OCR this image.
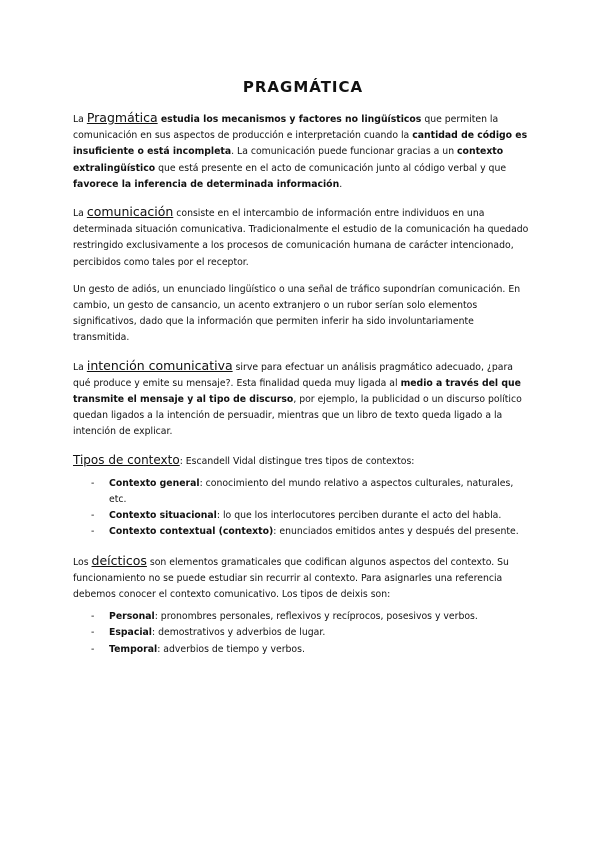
PRAGMÁTICA

La Pragmática estudia los mecanismos y factores no lingüísticos que permiten la comunicación en sus aspectos de producción e interpretación cuando la cantidad de código es insuficiente o está incompleta. La comunicación puede funcionar gracias a un contexto extralingüístico que está presente en el acto de comunicación junto al código verbal y que favorece la inferencia de determinada información.

La comunicación consiste en el intercambio de información entre individuos en una determinada situación comunicativa. Tradicionalmente el estudio de la comunicación ha quedado restringido exclusivamente a los procesos de comunicación humana de carácter intencionado, percibidos como tales por el receptor.

Un gesto de adiós, un enunciado lingüístico o una señal de tráfico supondrían comunicación. En cambio, un gesto de cansancio, un acento extranjero o un rubor serían solo elementos significativos, dado que la información que permiten inferir ha sido involuntariamente transmitida.

La intención comunicativa sirve para efectuar un análisis pragmático adecuado, ¿para qué produce y emite su mensaje?. Esta finalidad queda muy ligada al medio a través del que transmite el mensaje y al tipo de discurso, por ejemplo, la publicidad o un discurso político quedan ligados a la intención de persuadir, mientras que un libro de texto queda ligado a la intención de explicar.

Tipos de contexto: Escandell Vidal distingue tres tipos de contextos:

- Contexto general: conocimiento del mundo relativo a aspectos culturales, naturales, etc.
- Contexto situacional: lo que los interlocutores perciben durante el acto del habla.
- Contexto contextual (contexto): enunciados emitidos antes y después del presente.

Los deícticos son elementos gramaticales que codifican algunos aspectos del contexto. Su funcionamiento no se puede estudiar sin recurrir al contexto. Para asignarles una referencia debemos conocer el contexto comunicativo. Los tipos de deixis son:

- Personal: pronombres personales, reflexivos y recíprocos, posesivos y verbos.
- Espacial: demostrativos y adverbios de lugar.
- Temporal: adverbios de tiempo y verbos.
